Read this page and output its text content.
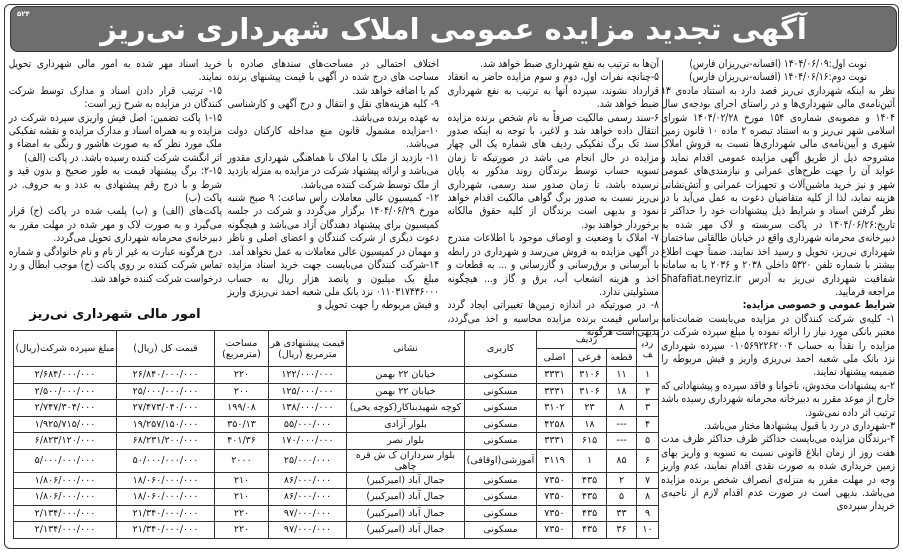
۵۲۴ آگهی تجدید مزایده عمومی املاک شهرداری نی‌ریز

نوبت اول:۱۴۰۴/۰۶/۰۹ (افسانه-نی‌ریزان فارس)

نوبت دوم:۱۴۰۴/۰۶/۱۶ (افسانه-نی‌ریزان فارس)

نظر به اینکه شهرداری نی‌ریز قصد دارد به استناد ماده‌ی ۱۳ آئین‌نامه‌ی مالی شهرداری‌ها و در راستای اجرای بودجه‌ی سال ۱۴۰۴ و مصوبه‌ی شماره‌ی ۱۵۴ مورخ ۱۴۰۴/۰۲/۲۸ شورای اسلامی شهر نی‌ریز و به استناد تبصره ۲ ماده ۱۰ قانون زمین شهری و آیین‌نامه‌ی مالی شهرداری‌ها نسبت به فروش املاک مشروحه ذیل از طریق آگهی مزایده عمومی اقدام نماید و عواید آن را جهت طرح‌های عمرانی و نیازمندی‌های عمومی شهر و نیز خرید ماشین‌آلات و تجهیزات عمرانی و آتش‌نشانی هزینه نماید، لذا از کلیه متقاضیان دعوت به عمل می‌آید با در نظر گرفتن اسناد و شرایط ذیل پیشنهادات خود را حداکثر تا تاریخ:۱۴۰۴/۰۶/۲۶ در پاکت سربسته و لاک مهر شده به دبیرخانه‌ی محرمانه شهرداری واقع در خیابان طالقانی ساختمان شهرداری نی‌ریز، تحویل و رسید اخذ نمایند. ضمناً جهت اطلاع بیشتر با شماره تلفن ۵۳۲۰ داخلی ۲۰۳۸ و ۲۰۳۶ یا به سامانه شفافیت شهرداری نی‌ریز به آدرس Shafafiat.neyriz.ir مراجعه فرمایید.

شرایط عمومی و خصوصی مزایده:

۱- کلیه‌ی شرکت کنندگان در مزایده می‌بایست ضمانت‌نامه معتبر بانکی مورد نیاز را ارائه نموده یا مبلغ سپرده شرکت در مزایده را نقداً به حساب ۰۱۰۵۶۹۲۲۶۲۰۰۴ سپرده شهرداری نزد بانک ملی شعبه احمد نی‌ریزی واریز و فیش مربوطه را ضمیمه پیشنهاد نمایند.

۲-به پیشنهادات مخدوش، ناخوانا و فاقد سپرده و پیشنهاداتی که خارج از موعد مقرر به دبیرخانه محرمانه شهرداری رسیده باشد ترتیب اثر داده نمی‌شود.

۳-شهرداری در رد یا قبول پیشنهادها مختار می‌باشد.

۴-برندگان مزایده می‌بایست حداکثر ظرف حداکثر ظرف مدت هفت روز از زمان ابلاغ قانونی نسبت به تسویه و واریز بهای زمین خریداری شده به صورت نقدی اقدام نمایند، عدم واریز وجه در مهلت مقرر به منزله‌ی انصراف شخص برنده مزایده می‌باشد. بدیهی است در صورت عدم اقدام لازم از ناحیه‌ی خریدار سپرده‌ی

آن‌ها به ترتیب به نفع شهرداری ضبط خواهد شد.

۵-چنانچه نفرات اول، دوم و سوم مزایده حاضر به انعقاد قرارداد نشوند، سپرده آنها به ترتیب به نفع شهرداری ضبط خواهد شد.

۶-سند رسمی مالکیت صرفاً به نام شخص برنده مزایده انتقال داده خواهد شد و لاغیر، با توجه به اینکه صدور سند تک برگ تفکیکی ردیف های شماره یک الی چهار مزایده در حال انجام می باشد در صورتیکه تا زمان تسویه حساب توسط برندگان روند مذکور به پایان نرسیده باشد، تا زمان صدور سند رسمی، شهرداری نی‌ریز نسبت به صدور برگ گواهی مالکیت اقدام خواهد نمود و بدیهی است برندگان از کلیه حقوق مالکانه برخوردار خواهند بود.

۷- املاک با وضعیت و اوصاف موجود با اطلاعات مندرج در آگهی مزایده به فروش می‌رسد و شهرداری در رابطه با آبرسانی و برق‌رسانی و گازرسانی و ... به قطعات و اخذ و هزینه انشعاب آب، برق و گاز و... هیچگونه مسئولیتی ندارد.

۸- در صورتیکه در اندازه زمین‌ها تغییراتی ایجاد گردد براساس قیمت برنده مزایده محاسبه و اخذ می‌گردد، بدیهی است هرگونه

اختلاف احتمالی در مساحت‌های سندهای صادره با مساحت های درج شده در آگهی با قیمت پیشنهای برنده کم یا اضافه خواهد شد.

۹- کلیه هزینه‌های نقل و انتقال و درج آگهی و کارشناسی به عهده برنده می‌باشد.

۱۰-مزایده مشمول قانون منع مداخله کارکنان دولت می‌باشد.

۱۱- بازدید از ملک یا املاک با هماهنگی شهرداری مقدور می‌باشد و ارائه پیشنهاد شرکت در مزایده به منزله بازدید از ملک توسط شرکت کننده می‌باشد.

۱۲- کمیسیون عالی معاملات رأس ساعت: ۹ صبح شنبه مورخ ۱۴۰۴/۰۶/۲۹ برگزار می‌گردد و شرکت در جلسه کمیسیون برای پیشنهاد دهندگان آزاد می‌باشد و هیچگونه دعوت دیگری از شرکت کنندگان و اعضای اصلی و ناظر و مهمان در کمیسیون عالی معاملات به عمل نخواهد آمد.

۱۴-شرکت کنندگان می‌بایست جهت خرید اسناد مزایده مبلغ یک میلیون و پانصد هزار ریال به حساب ۰۱۱۰۳۱۷۴۳۶۰۰۰ نزد بانک ملی شعبه احمد نی‌ریزی واریز و فیش مربوطه را جهت تحویل و

خرید اسناد مهر شده به امور مالی شهرداری تحویل نمایند.

۱۵- ترتیب قرار دادن اسناد و مدارک توسط شرکت کنندگان در مزایده به شرح زیر است:

۱-۱۵ پاکت تضمین: اصل فیش واریزی سپرده شرکت در مزایده و به همراه اسناد و مدارک مزایده و نقشه تفکیکی ملک مورد نظر که به صورت هاشور و رنگی به امضاء و اثر انگشت شرکت کننده رسیده باشد. در پاکت (الف)

۲-۱۵: برگ پیشنهاد قیمت به طور صحیح و بدون قید و شرط و با درج رقم پیشنهادی به عدد و به حروف. در پاکت (ب)

پاکت‌های (الف) و (ب) پلمب شده در پاکت (ج) قرار می‌گیرد و به صورت لاک و مهر شده در مهلت مقرر به دبیرخانه‌ی محرمانه شهرداری تحویل می‌گردد.

درج هرگونه عبارت به غیر از نام و نام خانوادگی و شماره تماس شرکت کننده بر روی پاکت (ج) موجب ابطال و رد درخواست شرکت کننده خواهد شد.

امور مالی شهرداری نی‌ریز
ردیف	ردیف			کاربری	نشانی	قیمت پیشنهادی هر مترمربع (ریال)	مساحت (مترمربع)	قیمت کل (ریال)	مبلغ سپرده شرکت(ریال)
	قطعه	فرعی	اصلی						
۱	۱۱	۳۱۰۶	۳۳۳۱	مسکونی	خیابان ۲۲ بهمن	۱۲۲/۰۰۰/۰۰۰	۲۲۰	۲۶/۸۴۰/۰۰۰/۰۰۰	۲/۶۸۴/۰۰۰/۰۰۰
۲	۱۸	۳۱۰۶	۳۳۳۱	مسکونی	خیابان ۲۲ بهمن	۱۲۵/۰۰۰/۰۰۰	۲۰۰	۲۵/۰۰۰/۰۰۰/۰۰۰	۲/۵۰۰/۰۰۰/۰۰۰
۳	۸	۲۳	۳۱۰۲	مسکونی	کوچه شهیدبناکار(کوچه یخی)	۱۳۸/۰۰۰/۰۰۰	۱۹۹/۰۸	۲۷/۴۷۳/۰۴۰/۰۰۰	۲/۷۴۷/۳۰۴/۰۰۰
۴	---	۱۸	۴۲۵۸	مسکونی	بلوار آزادی	۵۵/۰۰۰/۰۰۰	۳۵۰/۱۳	۱۹/۲۵۷/۱۵۰/۰۰۰	۱/۹۲۵/۷۱۵/۰۰۰
۵	---	۶۱۵	۳۳۳۱	مسکونی	بلوار نصر	۱۷۰/۰۰۰/۰۰۰	۴۰۱/۳۶	۶۸/۲۳۱/۲۰۰/۰۰۰	۶/۸۲۳/۱۲۰/۰۰۰
۶	۸۵	۱	۳۱۱۹	آموزشی(اوقافی)	بلوار سرداران ک ش قره چاهی	۲۵/۰۰۰/۰۰۰	۲۰۰۰	۵۰/۰۰۰/۰۰۰/۰۰۰	۵/۰۰۰/۰۰۰/۰۰۰
۷	۲	۴۳۵	۷۳۵۰	مسکونی	جمال آباد (امیرکبیر)	۸۶/۰۰۰/۰۰۰	۲۱۰	۱۸/۰۶۰/۰۰۰/۰۰۰	۱/۸۰۶/۰۰۰/۰۰۰
۸	۵	۴۳۵	۷۳۵۰	مسکونی	جمال آباد (امیرکبیر)	۸۶/۰۰۰/۰۰۰	۲۱۰	۱۸/۰۶۰/۰۰۰/۰۰۰	۱/۸۰۶/۰۰۰/۰۰۰
۹	۳۳	۴۳۵	۷۳۵۰	مسکونی	جمال آباد (امیرکبیر)	۹۷/۰۰۰/۰۰۰	۲۲۰	۲۱/۳۴۰/۰۰۰/۰۰۰	۲/۱۳۴/۰۰۰/۰۰۰
۱۰	۳۶	۴۳۵	۷۳۵۰	مسکونی	جمال آباد (امیرکبیر)	۹۷/۰۰۰/۰۰۰	۲۲۰	۲۱/۳۴۰/۰۰۰/۰۰۰	۲/۱۳۴/۰۰۰/۰۰۰
